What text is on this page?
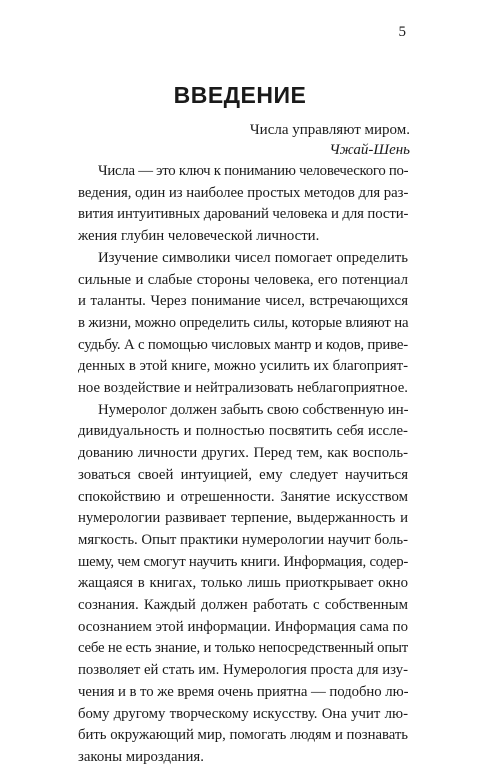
5
ВВЕДЕНИЕ
Числа управляют миром.
Чжай-Шень
Числа — это ключ к пониманию человеческого по-
ведения, один из наиболее простых методов для раз-
вития интуитивных дарований человека и для пости-
жения глубин человеческой личности.
Изучение символики чисел помогает определить
сильные и слабые стороны человека, его потенциал
и таланты. Через понимание чисел, встречающихся
в жизни, можно определить силы, которые влияют на
судьбу. А с помощью числовых мантр и кодов, приве-
денных в этой книге, можно усилить их благоприят-
ное воздействие и нейтрализовать неблагоприятное.
Нумеролог должен забыть свою собственную ин-
дивидуальность и полностью посвятить себя иссле-
дованию личности других. Перед тем, как восполь-
зоваться своей интуицией, ему следует научиться
спокойствию и отрешенности. Занятие искусством
нумерологии развивает терпение, выдержанность и
мягкость. Опыт практики нумерологии научит боль-
шему, чем смогут научить книги. Информация, содер-
жащаяся в книгах, только лишь приоткрывает окно
сознания. Каждый должен работать с собственным
осознанием этой информации. Информация сама по
себе не есть знание, и только непосредственный опыт
позволяет ей стать им. Нумерология проста для изу-
чения и в то же время очень приятна — подобно лю-
бому другому творческому искусству. Она учит лю-
бить окружающий мир, помогать людям и познавать
законы мироздания.
